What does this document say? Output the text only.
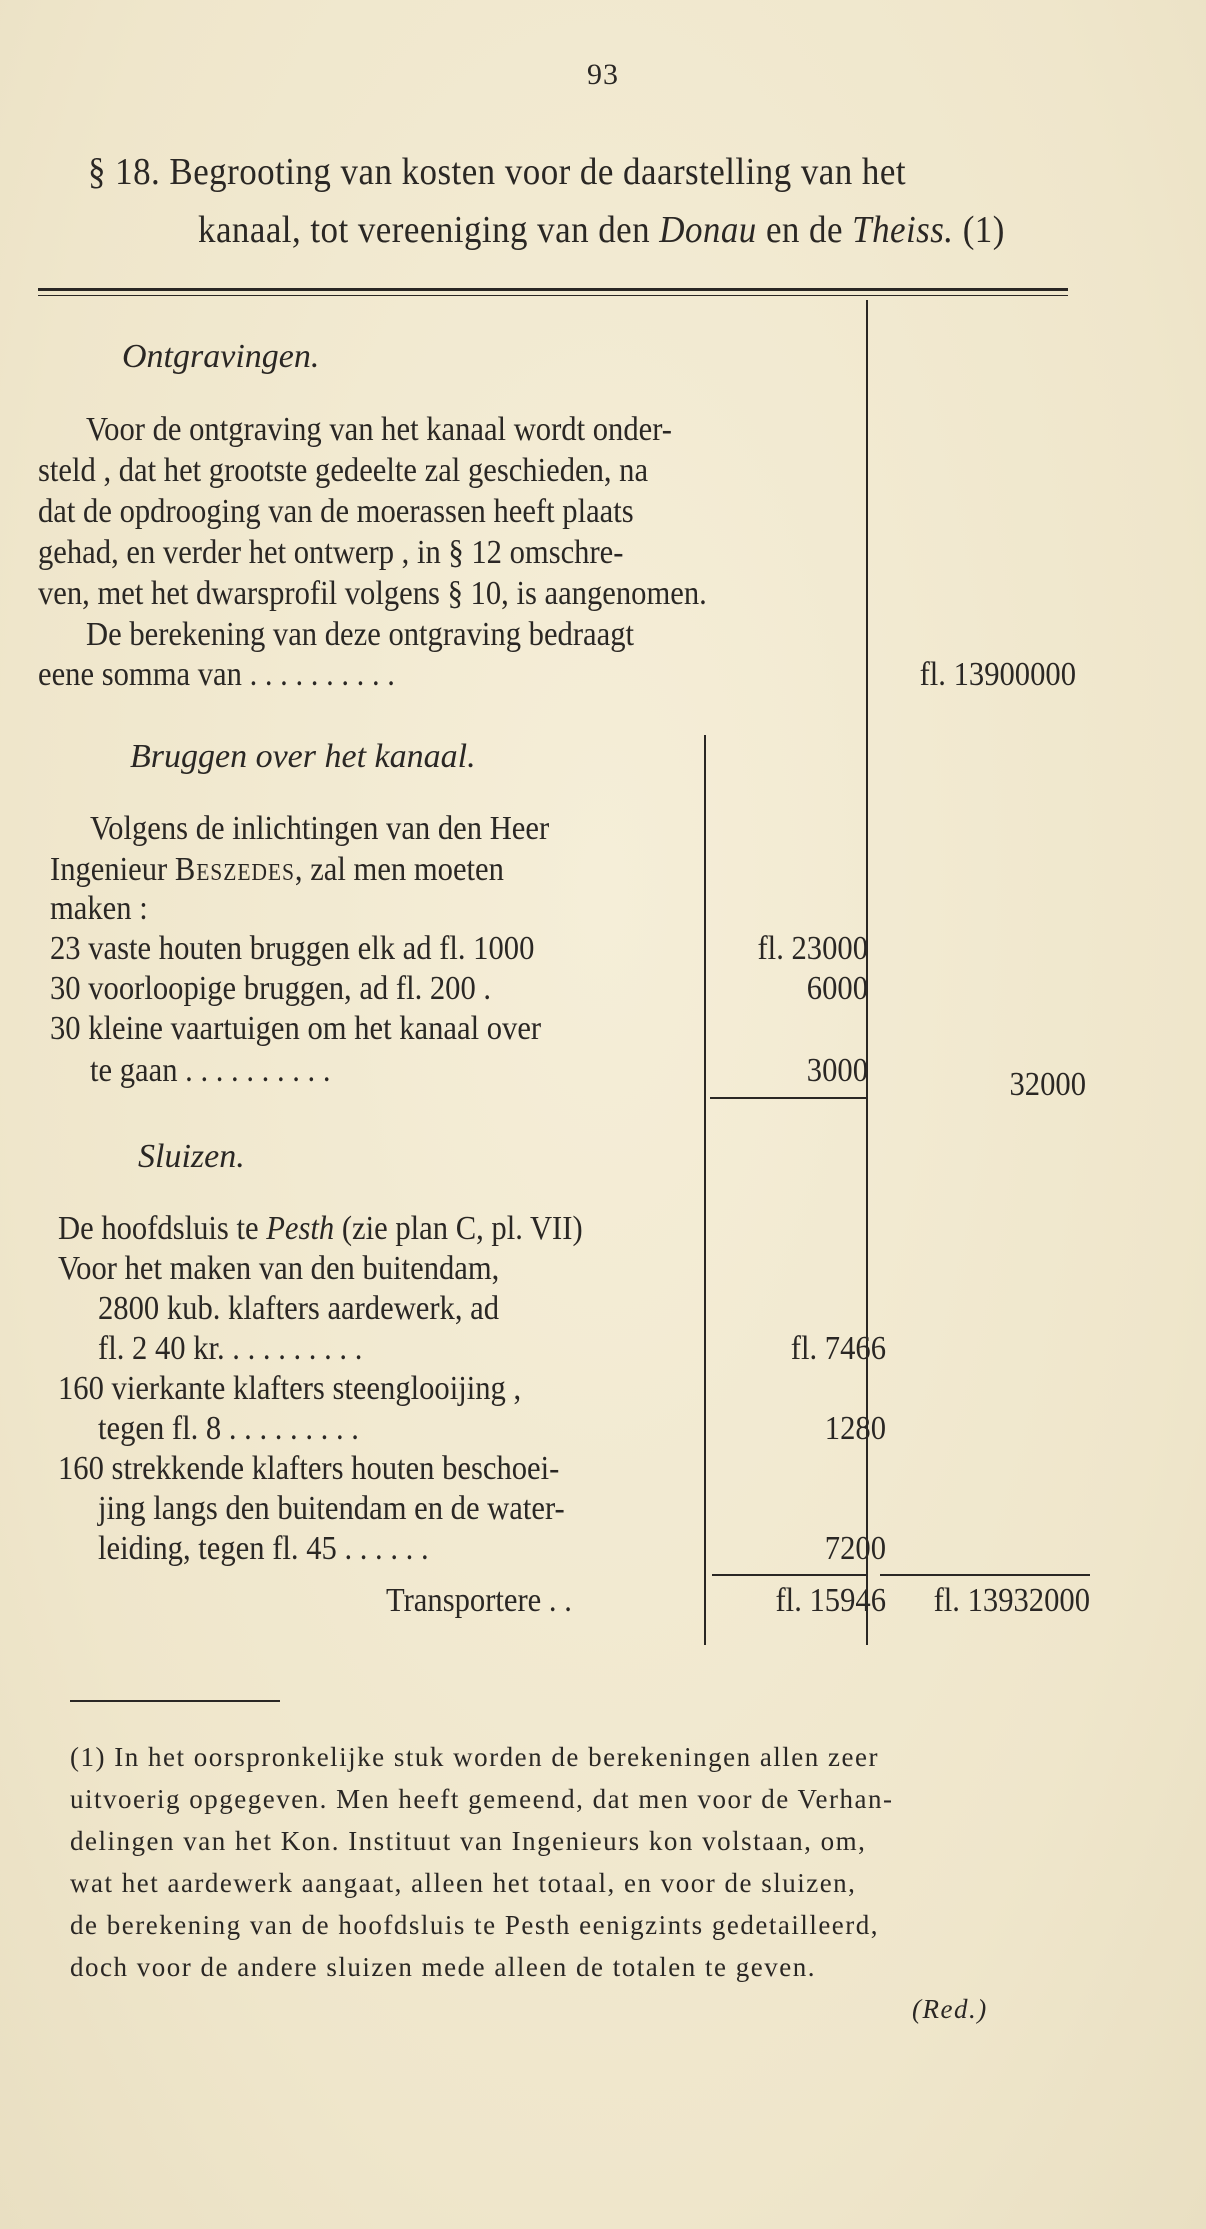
93
§ 18. Begrooting van kosten voor de daarstelling van het
kanaal, tot vereeniging van den Donau en de Theiss. (1)
Ontgravingen.
Voor de ontgraving van het kanaal wordt onder-
steld , dat het grootste gedeelte zal geschieden, na
dat de opdrooging van de moerassen heeft plaats
gehad, en verder het ontwerp , in § 12 omschre-
ven, met het dwarsprofil volgens § 10, is aangenomen.
De berekening van deze ontgraving bedraagt
eene somma van . . . . . . . . . .	fl. 13900000
Bruggen over het kanaal.
Volgens de inlichtingen van den Heer
Ingenieur Beszedes, zal men moeten
maken :
23 vaste houten bruggen elk ad fl. 1000	fl. 23000
30 voorloopige bruggen, ad fl. 200 .	6000
30 kleine vaartuigen om het kanaal over
te gaan . . . . . . . . . .	3000	32000
Sluizen.
De hoofdsluis te Pesth (zie plan C, pl. VII)
Voor het maken van den buitendam,
2800 kub. klafters aardewerk, ad
fl. 2 40 kr. . . . . . . . . .	fl. 7466
160 vierkante klafters steenglooijing ,
tegen fl. 8 . . . . . . . . .	1280
160 strekkende klafters houten beschoei-
jing langs den buitendam en de water-
leiding, tegen fl. 45 . . . . . .	7200
Transportere . .	fl. 15946	fl. 13932000
(1) In het oorspronkelijke stuk worden de berekeningen allen zeer
uitvoerig opgegeven. Men heeft gemeend, dat men voor de Verhan-
delingen van het Kon. Instituut van Ingenieurs kon volstaan, om,
wat het aardewerk aangaat, alleen het totaal, en voor de sluizen,
de berekening van de hoofdsluis te Pesth eenigzints gedetailleerd,
doch voor de andere sluizen mede alleen de totalen te geven.
(Red.)
